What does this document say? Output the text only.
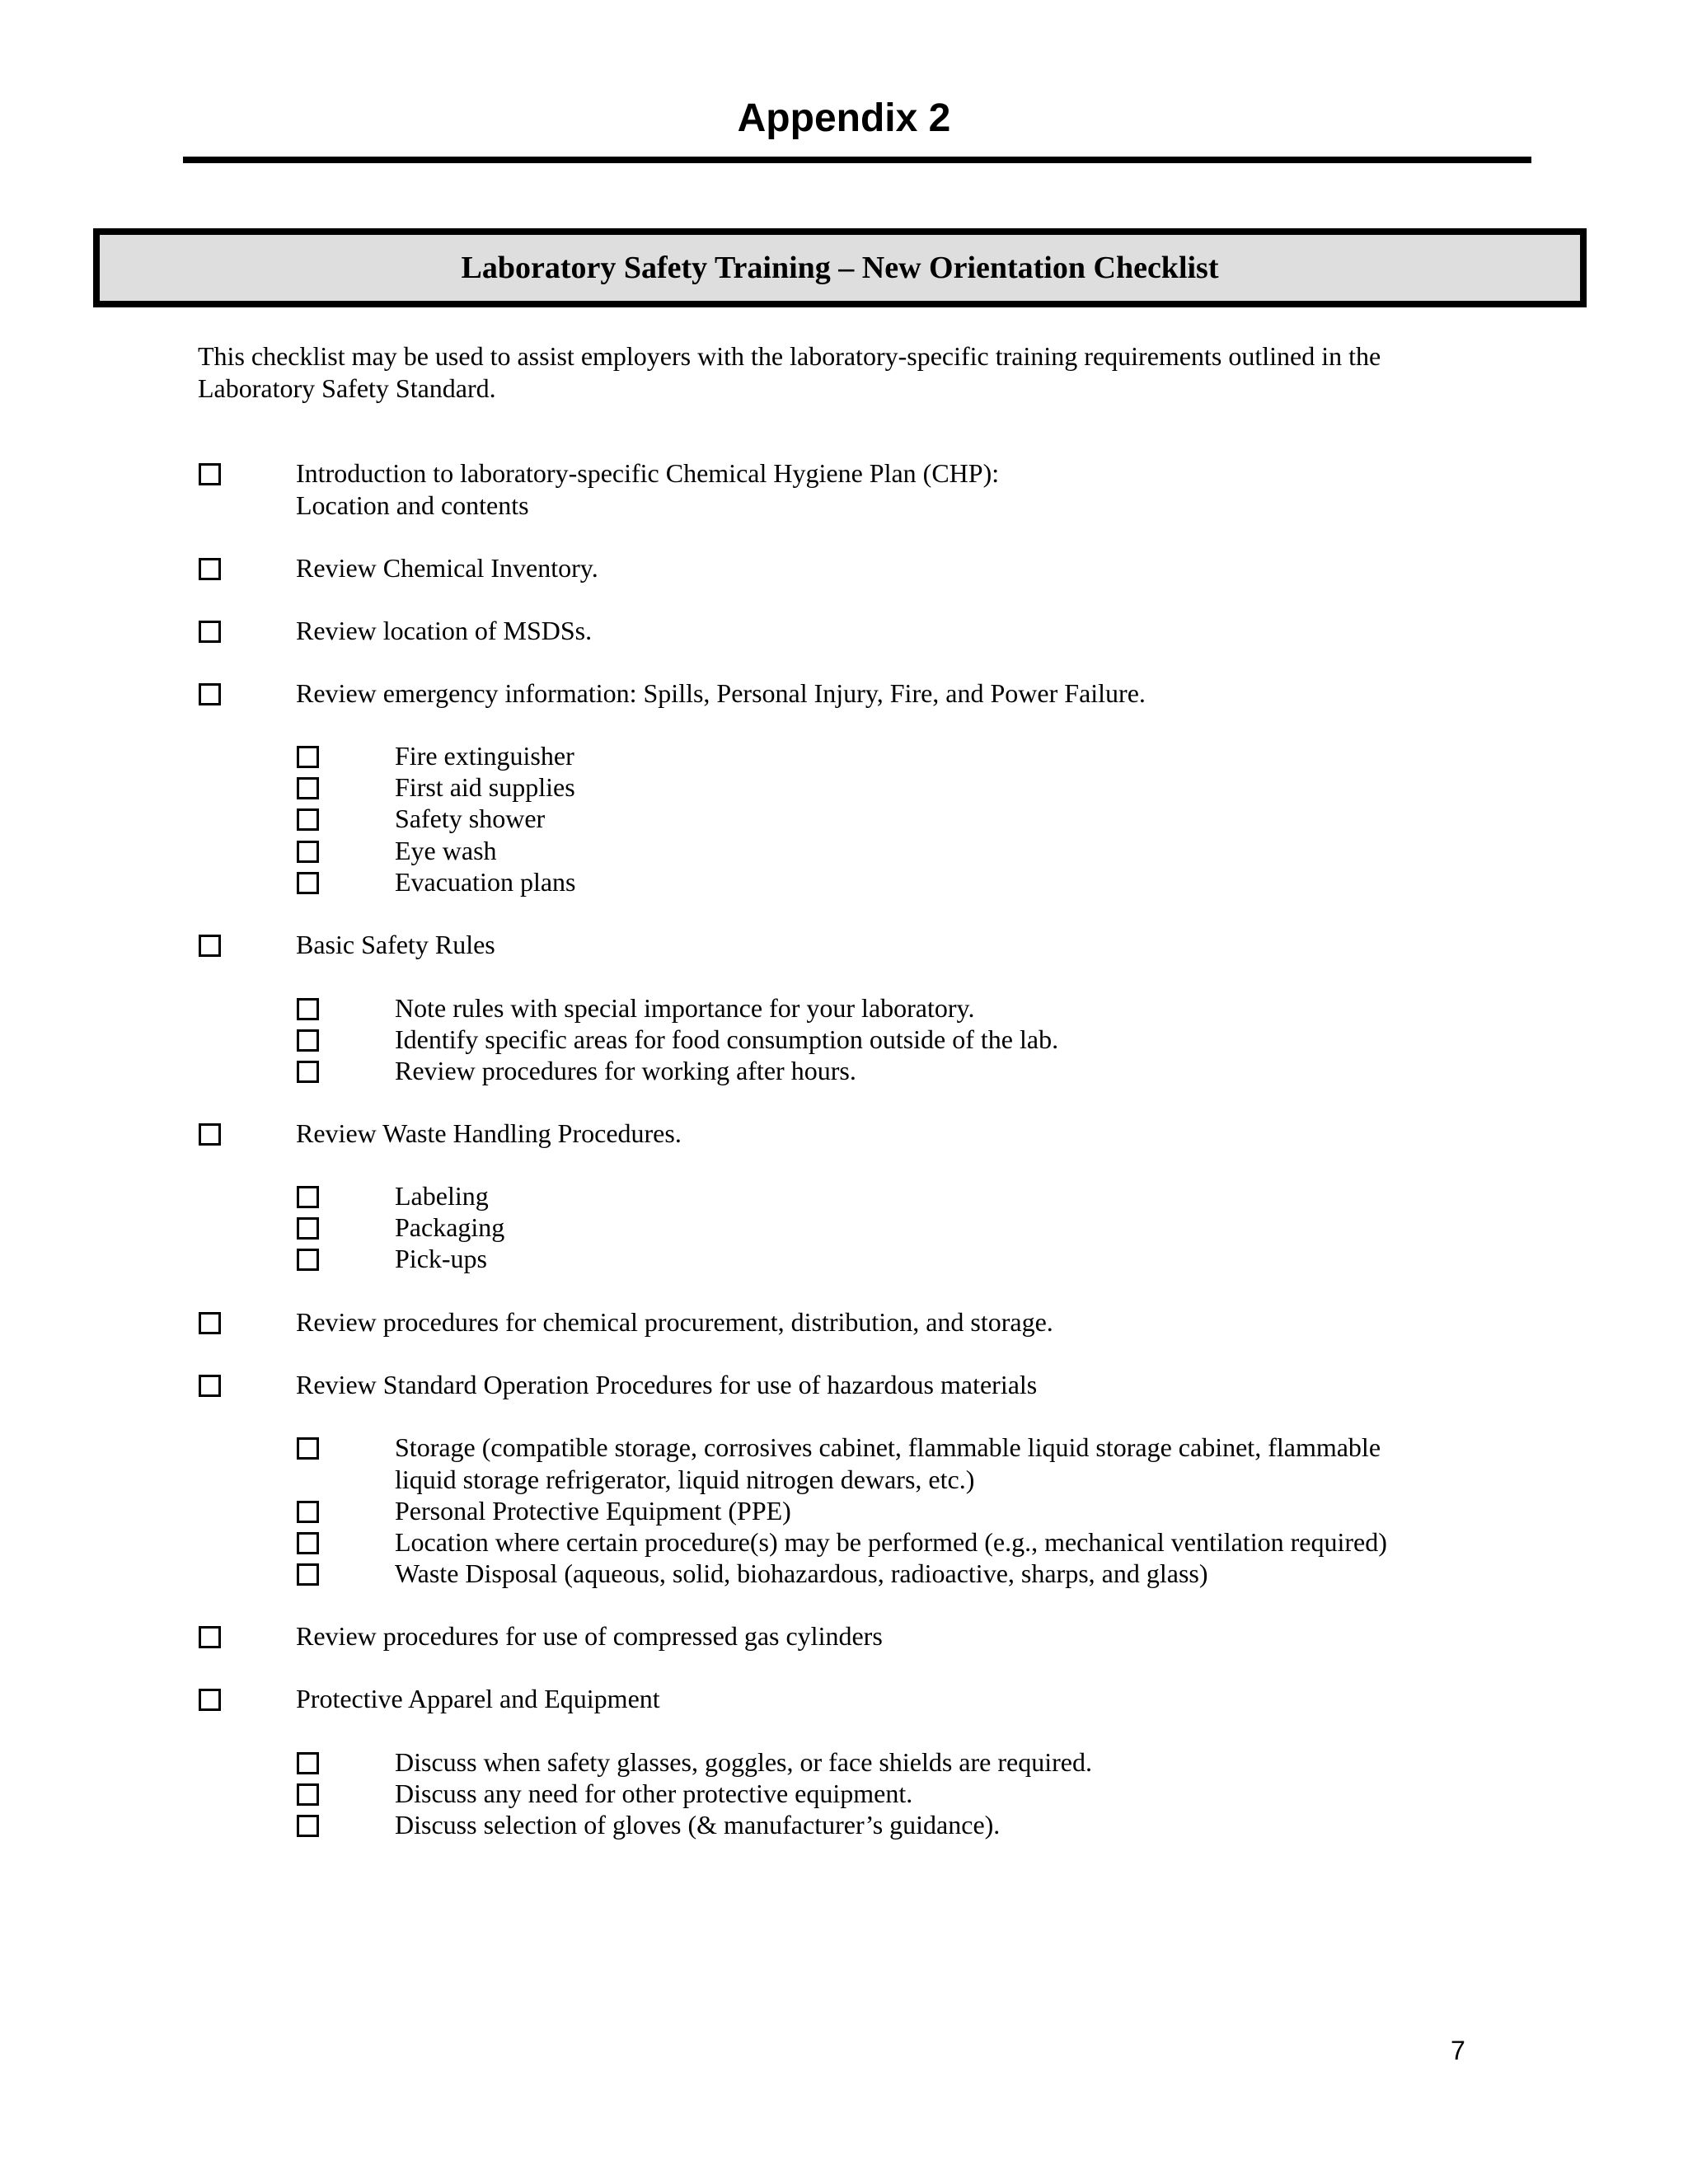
Appendix 2
Laboratory Safety Training – New Orientation Checklist
This checklist may be used to assist employers with the laboratory-specific training requirements outlined in the Laboratory Safety Standard.
Introduction to laboratory-specific Chemical Hygiene Plan (CHP):
Location and contents
Review Chemical Inventory.
Review location of MSDSs.
Review emergency information: Spills, Personal Injury, Fire, and Power Failure.
Fire extinguisher
First aid supplies
Safety shower
Eye wash
Evacuation plans
Basic Safety Rules
Note rules with special importance for your laboratory.
Identify specific areas for food consumption outside of the lab.
Review procedures for working after hours.
Review Waste Handling Procedures.
Labeling
Packaging
Pick-ups
Review procedures for chemical procurement, distribution, and storage.
Review Standard Operation Procedures for use of hazardous materials
Storage (compatible storage, corrosives cabinet, flammable liquid storage cabinet, flammable
liquid storage refrigerator, liquid nitrogen dewars, etc.)
Personal Protective Equipment (PPE)
Location where certain procedure(s) may be performed (e.g., mechanical ventilation required)
Waste Disposal (aqueous, solid, biohazardous, radioactive, sharps, and glass)
Review procedures for use of compressed gas cylinders
Protective Apparel and Equipment
Discuss when safety glasses, goggles, or face shields are required.
Discuss any need for other protective equipment.
Discuss selection of gloves (& manufacturer’s guidance).
7
